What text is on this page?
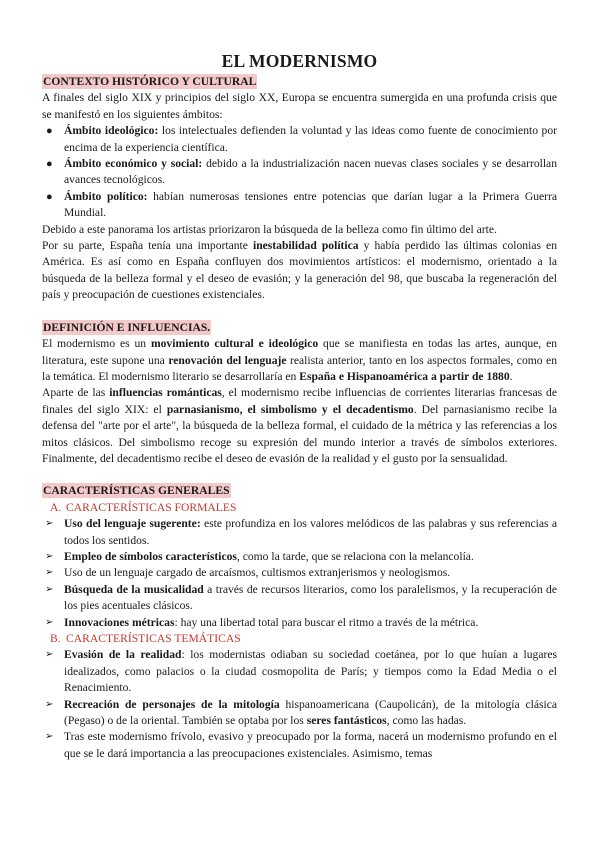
EL MODERNISMO
CONTEXTO HISTÓRICO Y CULTURAL

A finales del siglo XIX y principios del siglo XX, Europa se encuentra sumergida en una profunda crisis que se manifestó en los siguientes ámbitos:

● Ámbito ideológico: los intelectuales defienden la voluntad y las ideas como fuente de conocimiento por encima de la experiencia científica.
● Ámbito económico y social: debido a la industrialización nacen nuevas clases sociales y se desarrollan avances tecnológicos.
● Ámbito político: habían numerosas tensiones entre potencias que darían lugar a la Primera Guerra Mundial.

Debido a este panorama los artistas priorizaron la búsqueda de la belleza como fin último del arte.

Por su parte, España tenía una importante inestabilidad política y había perdido las últimas colonias en América. Es así como en España confluyen dos movimientos artísticos: el modernismo, orientado a la búsqueda de la belleza formal y el deseo de evasión; y la generación del 98, que buscaba la regeneración del país y preocupación de cuestiones existenciales.

DEFINICIÓN E INFLUENCIAS.

El modernismo es un movimiento cultural e ideológico que se manifiesta en todas las artes, aunque, en literatura, este supone una renovación del lenguaje realista anterior, tanto en los aspectos formales, como en la temática. El modernismo literario se desarrollaría en España e Hispanoamérica a partir de 1880.

Aparte de las influencias románticas, el modernismo recibe influencias de corrientes literarias francesas de finales del siglo XIX: el parnasianismo, el simbolismo y el decadentismo. Del parnasianismo recibe la defensa del "arte por el arte", la búsqueda de la belleza formal, el cuidado de la métrica y las referencias a los mitos clásicos. Del simbolismo recoge su expresión del mundo interior a través de símbolos exteriores. Finalmente, del decadentismo recibe el deseo de evasión de la realidad y el gusto por la sensualidad.

CARACTERÍSTICAS GENERALES
A. CARACTERÍSTICAS FORMALES
➢ Uso del lenguaje sugerente: este profundiza en los valores melódicos de las palabras y sus referencias a todos los sentidos.
➢ Empleo de símbolos característicos, como la tarde, que se relaciona con la melancolía.
➢ Uso de un lenguaje cargado de arcaísmos, cultismos extranjerismos y neologismos.
➢ Búsqueda de la musicalidad a través de recursos literarios, como los paralelismos, y la recuperación de los pies acentuales clásicos.
➢ Innovaciones métricas: hay una libertad total para buscar el ritmo a través de la métrica.
B. CARACTERÍSTICAS TEMÁTICAS
➢ Evasión de la realidad: los modernistas odiaban su sociedad coetánea, por lo que huían a lugares idealizados, como palacios o la ciudad cosmopolita de París; y tiempos como la Edad Media o el Renacimiento.
➢ Recreación de personajes de la mitología hispanoamericana (Caupolicán), de la mitología clásica (Pegaso) o de la oriental. También se optaba por los seres fantásticos, como las hadas.
➢ Tras este modernismo frívolo, evasivo y preocupado por la forma, nacerá un modernismo profundo en el que se le dará importancia a las preocupaciones existenciales. Asimismo, temas
